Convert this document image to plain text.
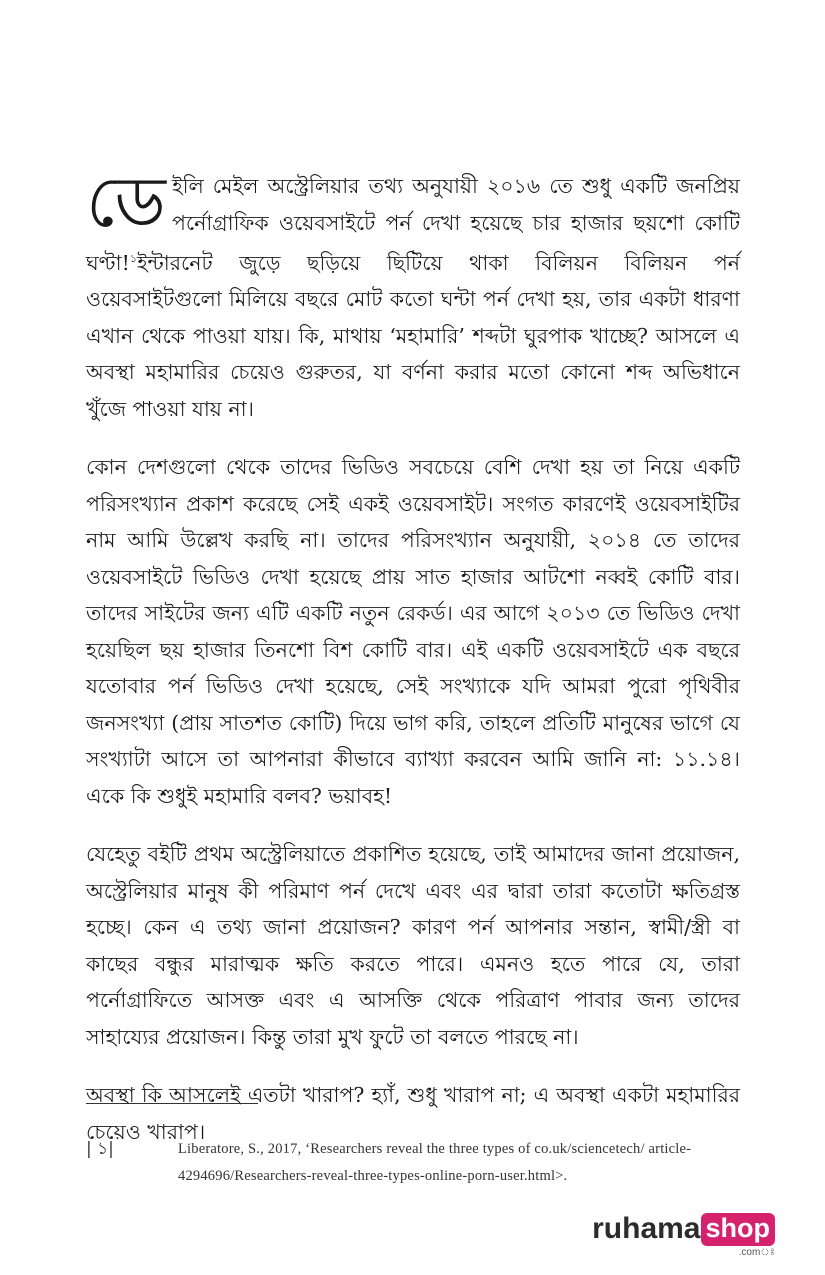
ডে ইলি মেইল অস্ট্রেলিয়ার তথ্য অনুযায়ী ২০১৬ তে শুধু একটি জনপ্রিয় পর্নোগ্রাফিক ওয়েবসাইটে পর্ন দেখা হয়েছে চার হাজার ছয়শো কোটি ঘণ্টা!$^১$ইন্টারনেট জুড়ে ছড়িয়ে ছিটিয়ে থাকা বিলিয়ন বিলিয়ন পর্ন ওয়েবসাইটগুলো মিলিয়ে বছরে মোট কতো ঘন্টা পর্ন দেখা হয়, তার একটা ধারণা এখান থেকে পাওয়া যায়। কি, মাথায় ‘মহামারি’ শব্দটা ঘুরপাক খাচ্ছে? আসলে এ অবস্থা মহামারির চেয়েও গুরুতর, যা বর্ণনা করার মতো কোনো শব্দ অভিধানে খুঁজে পাওয়া যায় না।

কোন দেশগুলো থেকে তাদের ভিডিও সবচেয়ে বেশি দেখা হয় তা নিয়ে একটি পরিসংখ্যান প্রকাশ করেছে সেই একই ওয়েবসাইট। সংগত কারণেই ওয়েবসাইটির নাম আমি উল্লেখ করছি না। তাদের পরিসংখ্যান অনুযায়ী, ২০১৪ তে তাদের ওয়েবসাইটে ভিডিও দেখা হয়েছে প্রায় সাত হাজার আটশো নব্বই কোটি বার। তাদের সাইটের জন্য এটি একটি নতুন রেকর্ড। এর আগে ২০১৩ তে ভিডিও দেখা হয়েছিল ছয় হাজার তিনশো বিশ কোটি বার। এই একটি ওয়েবসাইটে এক বছরে যতোবার পর্ন ভিডিও দেখা হয়েছে, সেই সংখ্যাকে যদি আমরা পুরো পৃথিবীর জনসংখ্যা (প্রায় সাতশত কোটি) দিয়ে ভাগ করি, তাহলে প্রতিটি মানুষের ভাগে যে সংখ্যাটা আসে তা আপনারা কীভাবে ব্যাখ্যা করবেন আমি জানি না: ১১.১৪। একে কি শুধুই মহামারি বলব? ভয়াবহ!

যেহেতু বইটি প্রথম অস্ট্রেলিয়াতে প্রকাশিত হয়েছে, তাই আমাদের জানা প্রয়োজন, অস্ট্রেলিয়ার মানুষ কী পরিমাণ পর্ন দেখে এবং এর দ্বারা তারা কতোটা ক্ষতিগ্রস্ত হচ্ছে। কেন এ তথ্য জানা প্রয়োজন? কারণ পর্ন আপনার সন্তান, স্বামী/স্ত্রী বা কাছের বন্ধুর মারাত্মক ক্ষতি করতে পারে। এমনও হতে পারে যে, তারা পর্নোগ্রাফিতে আসক্ত এবং এ আসক্তি থেকে পরিত্রাণ পাবার জন্য তাদের সাহায্যের প্রয়োজন। কিন্তু তারা মুখ ফুটে তা বলতে পারছে না।

অবস্থা কি আসলেই এতটা খারাপ? হ্যাঁ, শুধু খারাপ না; এ অবস্থা একটা মহামারির চেয়েও খারাপ।

| ১|	Liberatore, S., 2017, ‘Researchers reveal the three types of co.uk/sciencetech/ article-4294696/Researchers-reveal-three-types-online-porn-user.html>.
ruhama shop
.comঃ
